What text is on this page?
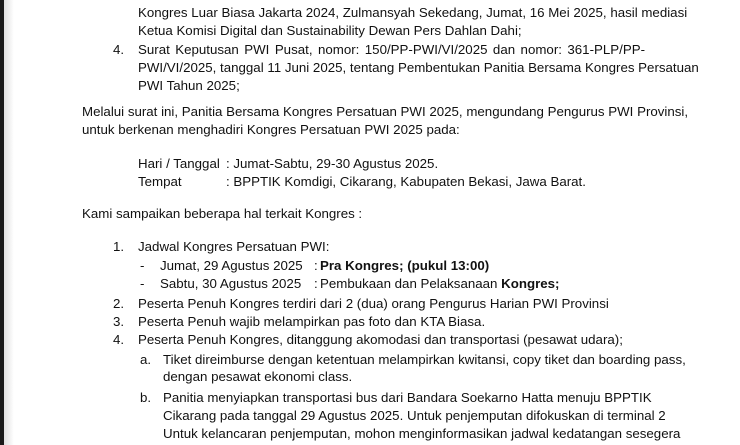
Kongres Luar Biasa Jakarta 2024, Zulmansyah Sekedang, Jumat, 16 Mei 2025, hasil mediasi
Ketua Komisi Digital dan Sustainability Dewan Pers Dahlan Dahi;
4. Surat Keputusan PWI Pusat, nomor: 150/PP-PWI/VI/2025 dan nomor: 361-PLP/PP-
PWI/VI/2025, tanggal 11 Juni 2025, tentang Pembentukan Panitia Bersama Kongres Persatuan
PWI Tahun 2025;
Melalui surat ini, Panitia Bersama Kongres Persatuan PWI 2025, mengundang Pengurus PWI Provinsi,
untuk berkenan menghadiri Kongres Persatuan PWI 2025 pada:
Hari / Tanggal : Jumat-Sabtu, 29-30 Agustus 2025.
Tempat	: BPPTIK Komdigi, Cikarang, Kabupaten Bekasi, Jawa Barat.
Kami sampaikan beberapa hal terkait Kongres :
1. Jadwal Kongres Persatuan PWI:
- Jumat, 29 Agustus 2025 : Pra Kongres; (pukul 13:00)
- Sabtu, 30 Agustus 2025 : Pembukaan dan Pelaksanaan Kongres;
2. Peserta Penuh Kongres terdiri dari 2 (dua) orang Pengurus Harian PWI Provinsi
3. Peserta Penuh wajib melampirkan pas foto dan KTA Biasa.
4. Peserta Penuh Kongres, ditanggung akomodasi dan transportasi (pesawat udara);
a. Tiket direimburse dengan ketentuan melampirkan kwitansi, copy tiket dan boarding pass,
dengan pesawat ekonomi class.
b. Panitia menyiapkan transportasi bus dari Bandara Soekarno Hatta menuju BPPTIK
Cikarang pada tanggal 29 Agustus 2025. Untuk penjemputan difokuskan di terminal 2
Untuk kelancaran penjemputan, mohon menginformasikan jadwal kedatangan sesegera
